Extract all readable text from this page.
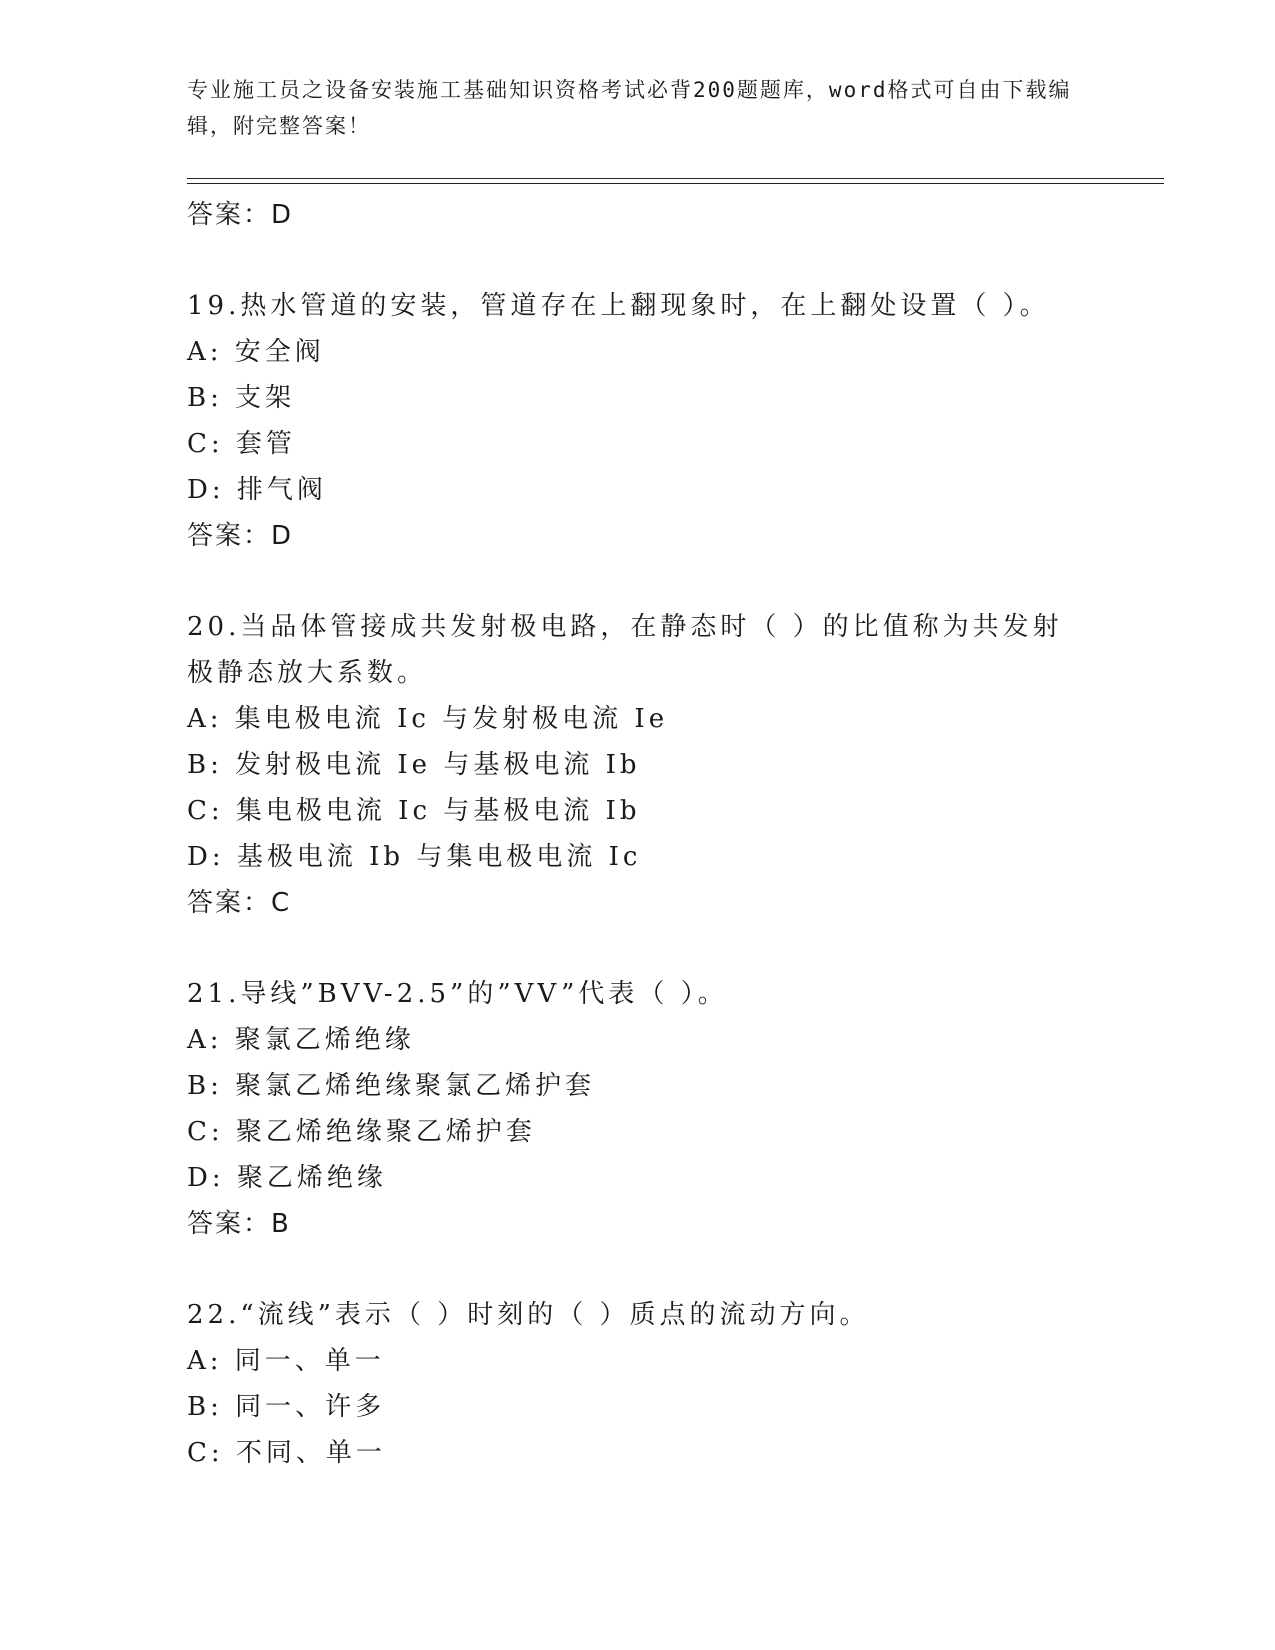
专业施工员之设备安装施工基础知识资格考试必背200题题库，word格式可自由下载编辑，附完整答案！
答案：D
19.热水管道的安装，管道存在上翻现象时，在上翻处设置（ ）。
A: 安全阀
B: 支架
C: 套管
D: 排气阀
答案：D
20.当品体管接成共发射极电路，在静态时（ ）的比值称为共发射极静态放大系数。
A: 集电极电流 Ic 与发射极电流 Ie
B: 发射极电流 Ie 与基极电流 Ib
C: 集电极电流 Ic 与基极电流 Ib
D: 基极电流 Ib 与集电极电流 Ic
答案：C
21.导线”BVV-2.5”的”VV”代表（ ）。
A: 聚氯乙烯绝缘
B: 聚氯乙烯绝缘聚氯乙烯护套
C: 聚乙烯绝缘聚乙烯护套
D: 聚乙烯绝缘
答案：B
22.“流线”表示（ ）时刻的（ ）质点的流动方向。
A: 同一、单一
B: 同一、许多
C: 不同、单一
